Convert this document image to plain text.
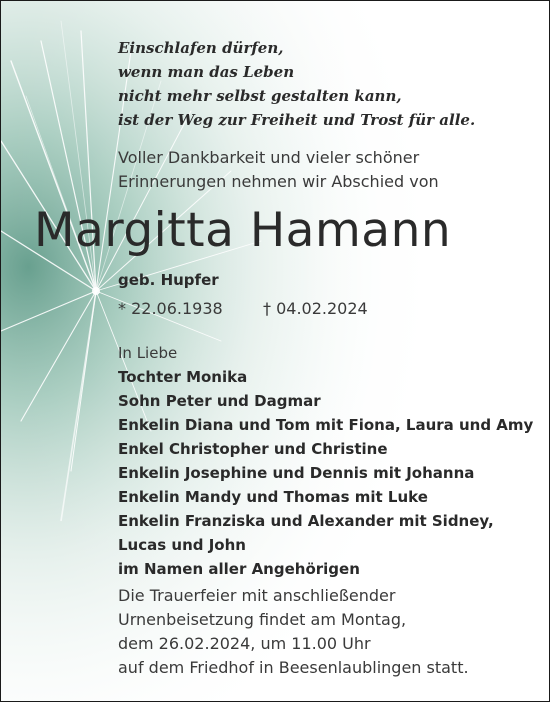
Einschlafen dürfen,
wenn man das Leben
nicht mehr selbst gestalten kann,
ist der Weg zur Freiheit und Trost für alle.
Voller Dankbarkeit und vieler schöner
Erinnerungen nehmen wir Abschied von
Margitta Hamann
geb. Hupfer
* 22.06.1938	† 04.02.2024
In Liebe
Tochter Monika
Sohn Peter und Dagmar
Enkelin Diana und Tom mit Fiona, Laura und Amy
Enkel Christopher und Christine
Enkelin Josephine und Dennis mit Johanna
Enkelin Mandy und Thomas mit Luke
Enkelin Franziska und Alexander mit Sidney,
Lucas und John
im Namen aller Angehörigen
Die Trauerfeier mit anschließender
Urnenbeisetzung findet am Montag,
dem 26.02.2024, um 11.00 Uhr
auf dem Friedhof in Beesenlaublingen statt.
